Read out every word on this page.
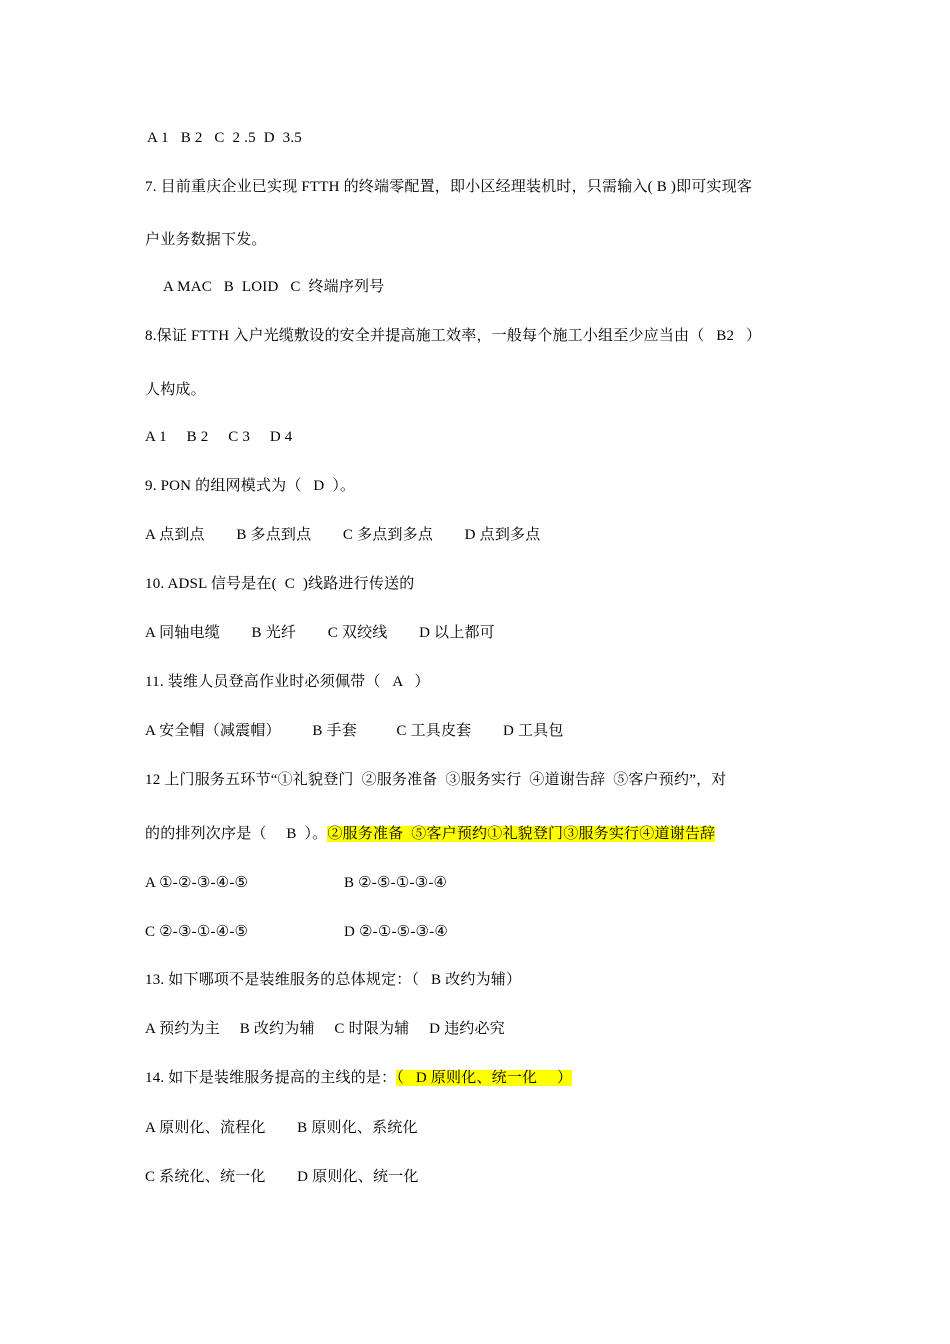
A 1   B 2   C  2 .5  D  3.5
7. 目前重庆企业已实现 FTTH 的终端零配置，即小区经理装机时，只需输入( B )即可实现客
户业务数据下发。
A MAC   B  LOID   C  终端序列号
8.保证 FTTH 入户光缆敷设的安全并提高施工效率，一般每个施工小组至少应当由（   B2   ）
人构成。
A 1     B 2     C 3     D 4
9. PON 的组网模式为（   D  ）。
A 点到点        B 多点到点        C 多点到多点        D 点到多点
10. ADSL 信号是在(  C  )线路进行传送的
A 同轴电缆        B 光纤        C 双绞线        D 以上都可
11. 装维人员登高作业时必须佩带（   A   ）
A 安全帽（减震帽）        B 手套          C 工具皮套        D 工具包
12 上门服务五环节“①礼貌登门  ②服务准备  ③服务实行  ④道谢告辞  ⑤客户预约”，对
的的排列次序是（     B  ）。②服务准备  ⑤客户预约①礼貌登门③服务实行④道谢告辞
A ①-②-③-④-⑤	B ②-⑤-①-③-④
C ②-③-①-④-⑤	D ②-①-⑤-③-④
13. 如下哪项不是装维服务的总体规定：（   B 改约为辅）
A 预约为主     B 改约为辅     C 时限为辅     D 违约必究
14. 如下是装维服务提高的主线的是：（   D 原则化、统一化     ）
A 原则化、流程化        B 原则化、系统化
C 系统化、统一化        D 原则化、统一化
